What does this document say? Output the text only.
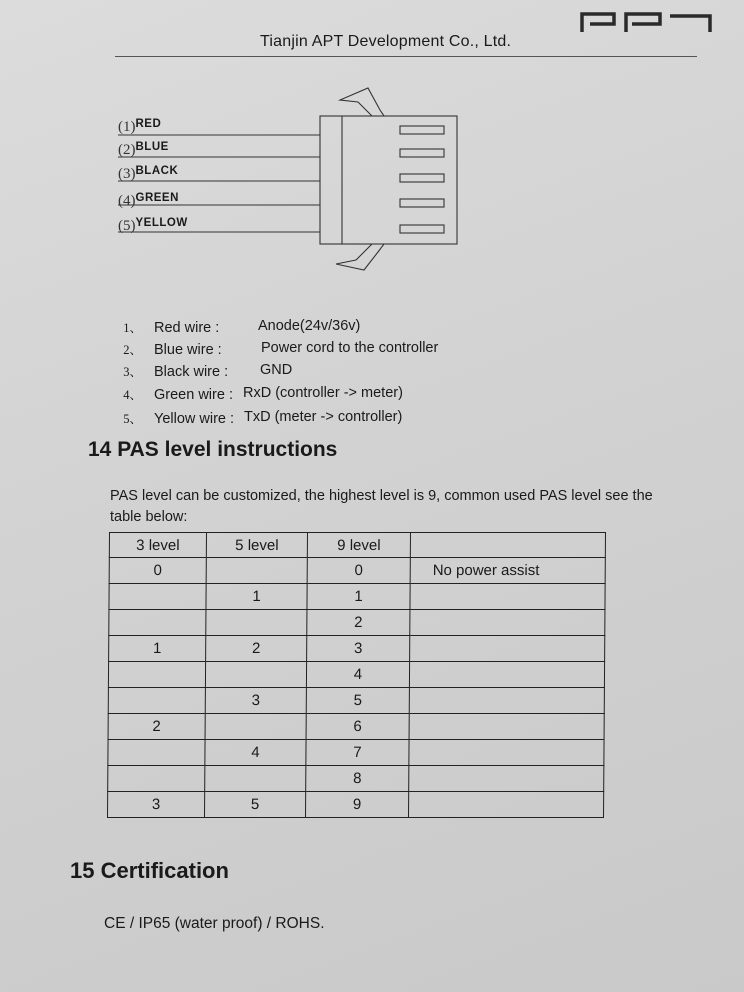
Tianjin APT Development Co., Ltd.
$(1)^{RED}$
$(2)^{BLUE}$
$(3)^{BLACK}$
$(4)^{GREEN}$
$(5)^{YELLOW}$
1、 Red wire :	Anode(24v/36v)
2、 Blue wire :	Power cord to the controller
3、 Black wire : GND
4、 Green wire : RxD (controller -> meter)
5、 Yellow wire : TxD (meter -> controller)
14 PAS level instructions
PAS level can be customized, the highest level is 9, common used PAS level see the
table below:
3 level	5 level	9 level	
0		0	No power assist
	1	1	
		2	
1	2	3	
		4	
	3	5	
2		6	
	4	7	
		8	
3	5	9	
15 Certification
CE / IP65 (water proof) / ROHS.
